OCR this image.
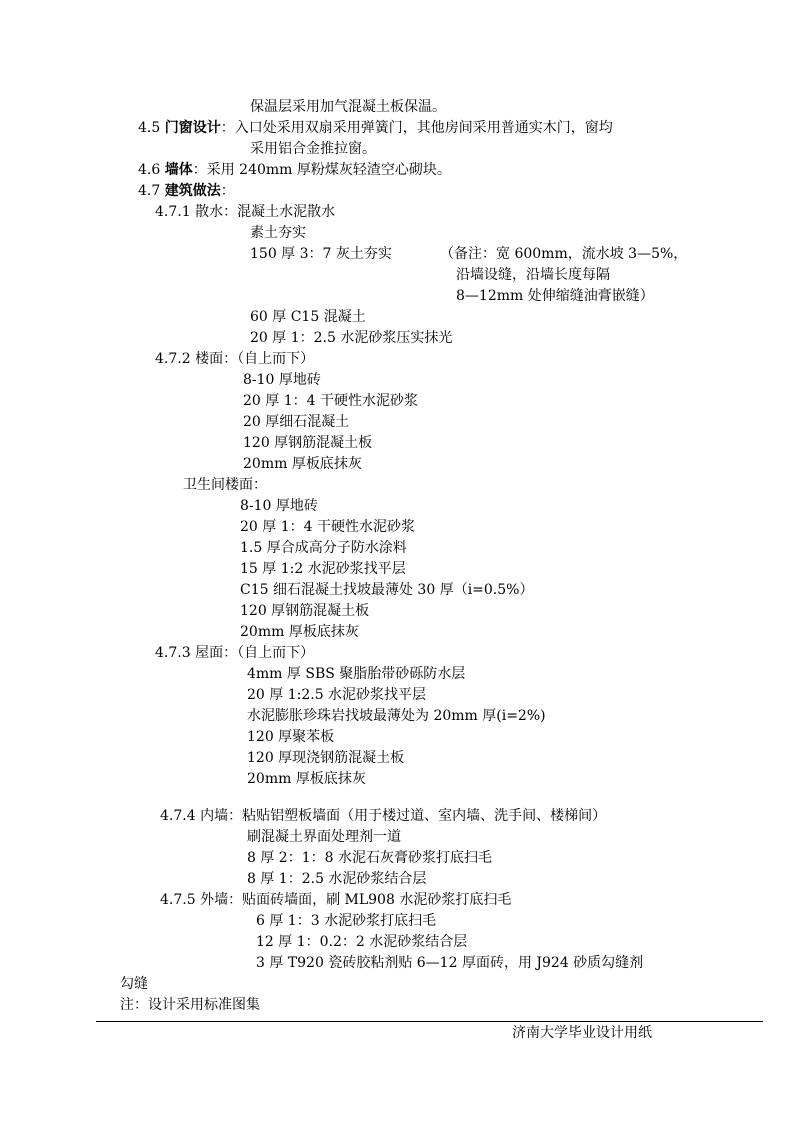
保温层采用加气混凝土板保温。
4.5 门窗设计：入口处采用双扇采用弹簧门，其他房间采用普通实木门，窗均
采用铝合金推拉窗。
4.6 墙体：采用 240mm 厚粉煤灰轻渣空心砌块。
4.7 建筑做法：
4.7.1 散水：混凝土水泥散水
素土夯实
150 厚 3：7 灰土夯实	（备注：宽 600mm，流水坡 3—5%，
沿墙设缝，沿墙长度每隔
8—12mm 处伸缩缝油膏嵌缝）
60 厚 C15 混凝土
20 厚 1：2.5 水泥砂浆压实抹光
4.7.2 楼面：（自上而下）
8-10 厚地砖
20 厚 1：4 干硬性水泥砂浆
20 厚细石混凝土
120 厚钢筋混凝土板
20mm 厚板底抹灰
卫生间楼面：
8-10 厚地砖
20 厚 1：4 干硬性水泥砂浆
1.5 厚合成高分子防水涂料
15 厚 1:2 水泥砂浆找平层
C15 细石混凝土找坡最薄处 30 厚（i=0.5%）
120 厚钢筋混凝土板
20mm 厚板底抹灰
4.7.3 屋面：（自上而下）
4mm 厚 SBS 聚脂胎带砂砾防水层
20 厚 1:2.5 水泥砂浆找平层
水泥膨胀珍珠岩找坡最薄处为 20mm 厚(i=2%)
120 厚聚苯板
120 厚现浇钢筋混凝土板
20mm 厚板底抹灰
4.7.4 内墙：粘贴铝塑板墙面（用于楼过道、室内墙、洗手间、楼梯间）
刷混凝土界面处理剂一道
8 厚 2：1：8 水泥石灰膏砂浆打底扫毛
8 厚 1：2.5 水泥砂浆结合层
4.7.5 外墙：贴面砖墙面，刷 ML908 水泥砂浆打底扫毛
6 厚 1：3 水泥砂浆打底扫毛
12 厚 1：0.2：2 水泥砂浆结合层
3 厚 T920 瓷砖胶粘剂贴 6—12 厚面砖，用 J924 砂质勾缝剂
勾缝
注：设计采用标准图集
济南大学毕业设计用纸
